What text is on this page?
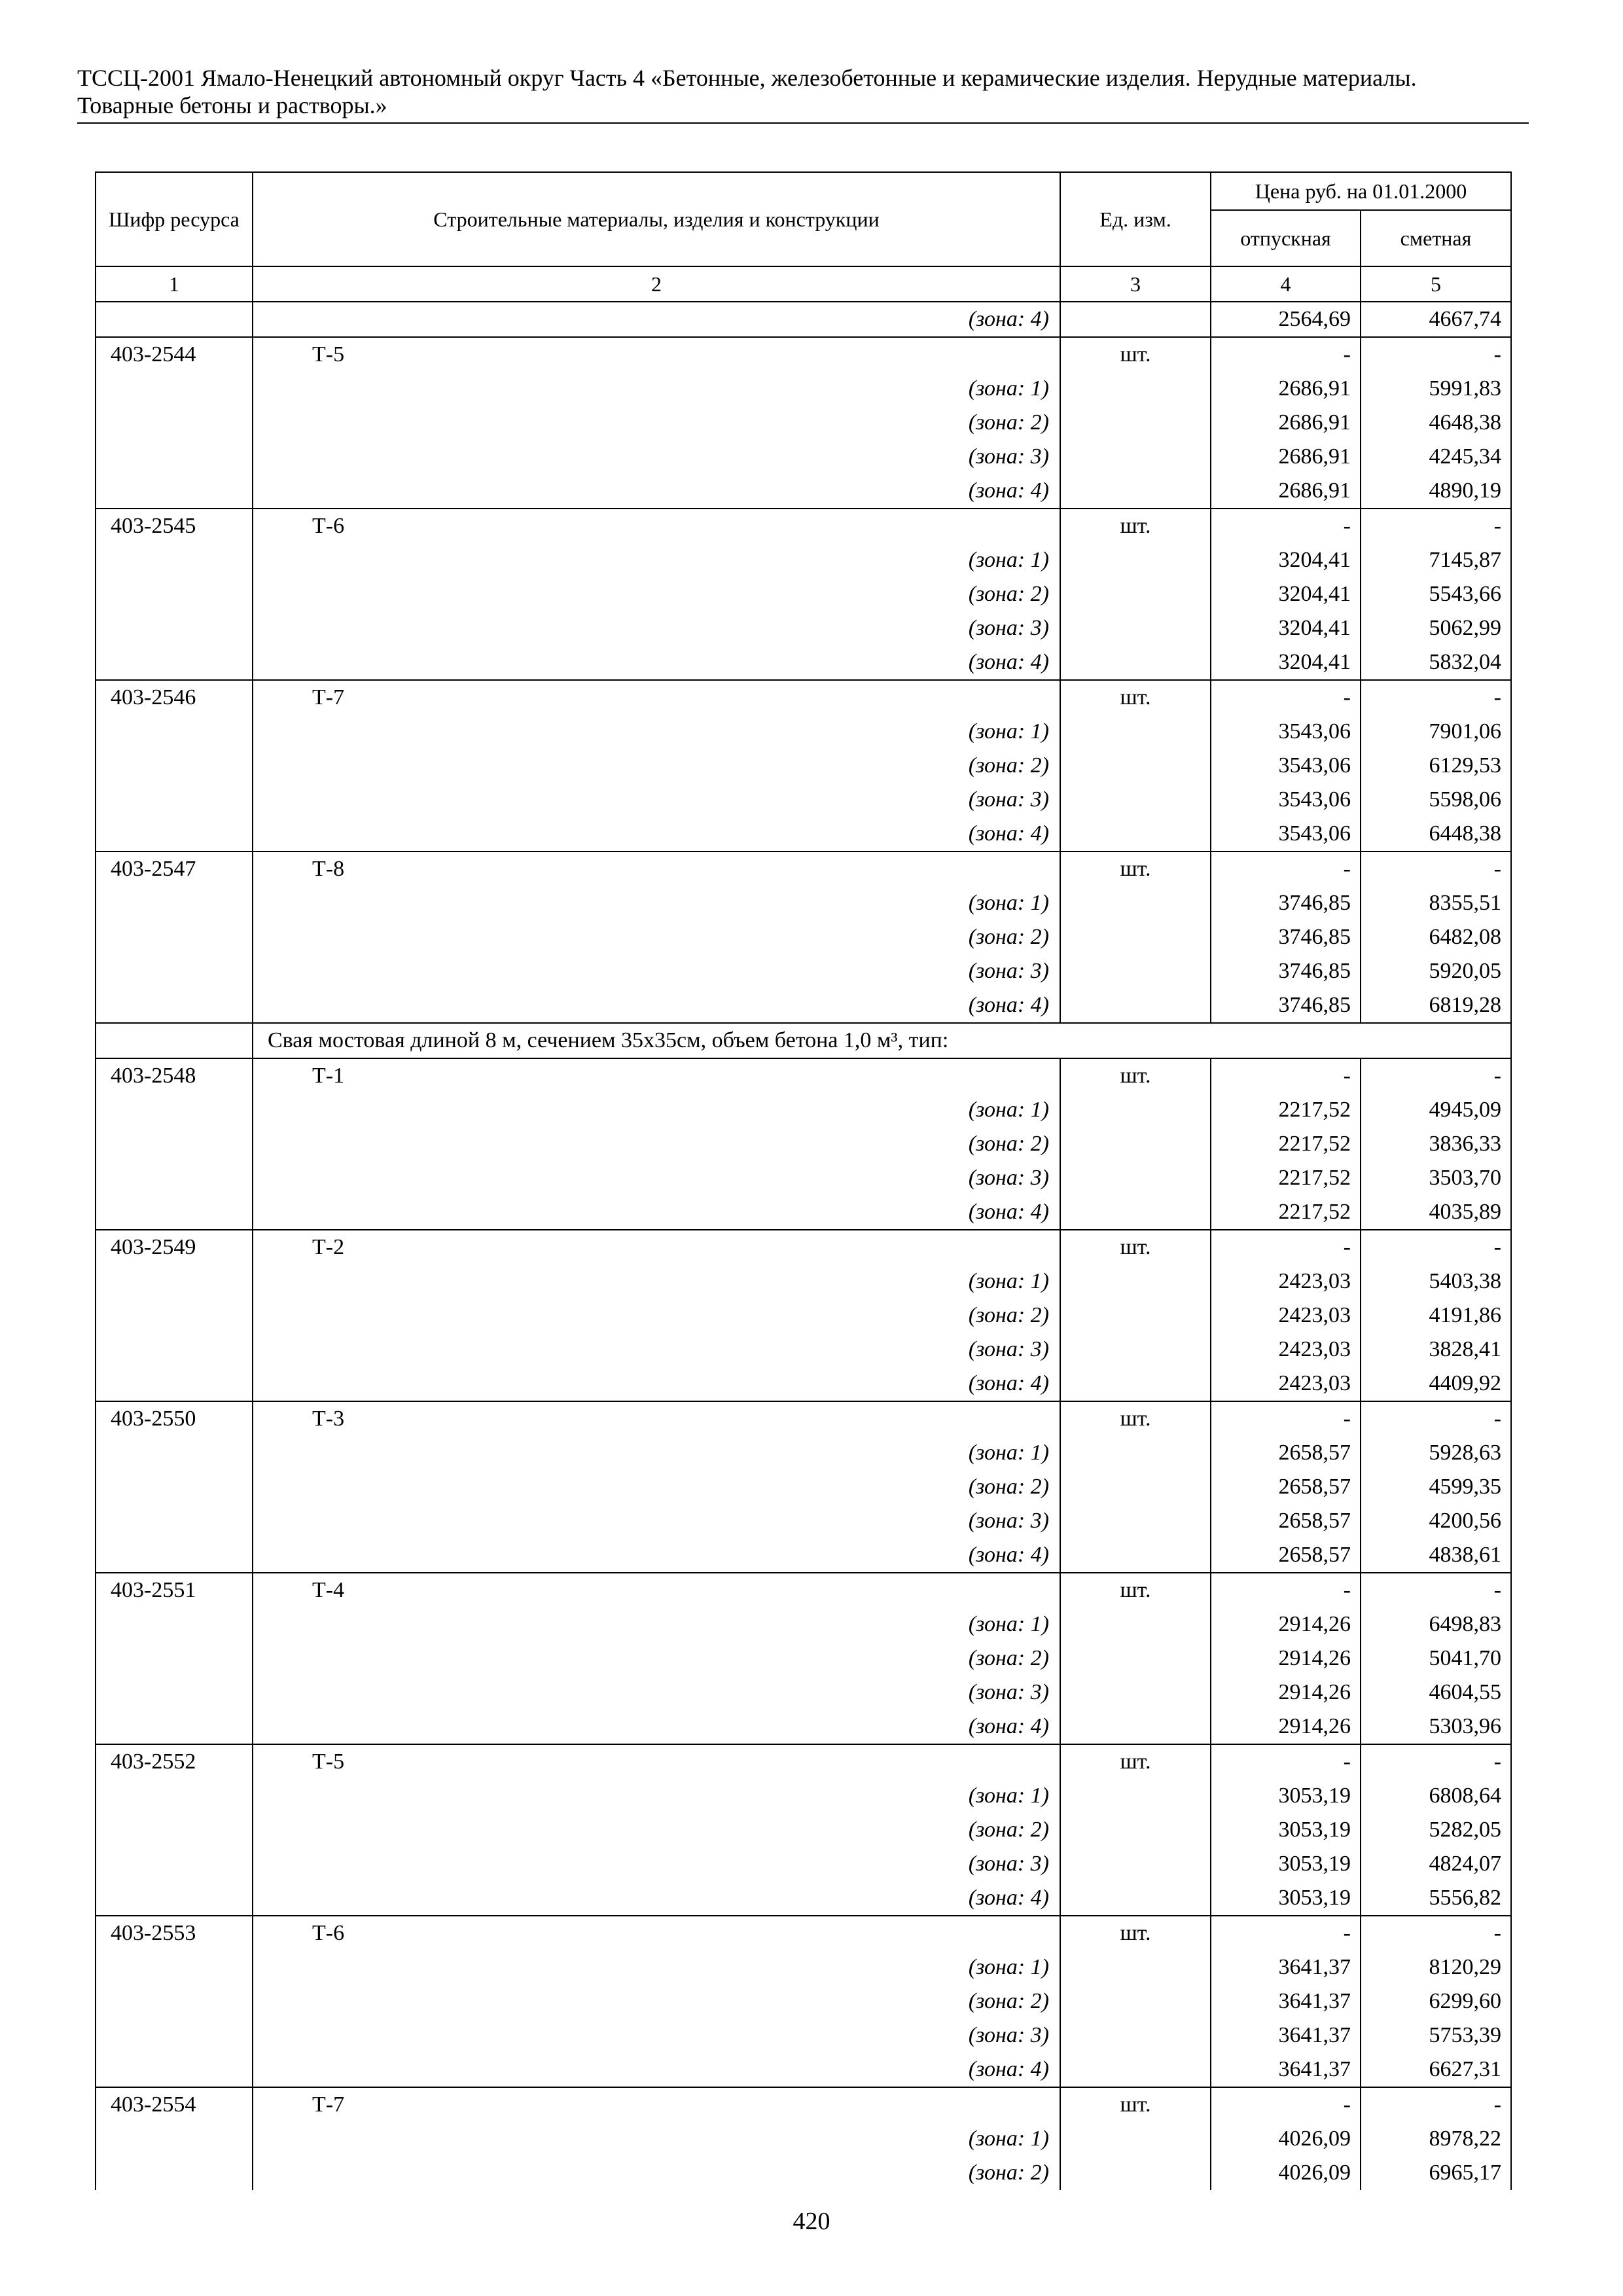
ТССЦ-2001 Ямало-Ненецкий автономный округ Часть 4 «Бетонные, железобетонные и керамические изделия. Нерудные материалы.
Товарные бетоны и растворы.»
Шифр ресурса	Строительные материалы, изделия и конструкции	Ед. изм.	Цена руб. на 01.01.2000	
			отпускная	сметная
1	2	3	4	5
	(зона: 4)		2564,69	4667,74
403-2544	Т-5	шт.	-	-
	(зона: 1)		2686,91	5991,83
	(зона: 2)		2686,91	4648,38
	(зона: 3)		2686,91	4245,34
	(зона: 4)		2686,91	4890,19
403-2545	Т-6	шт.	-	-
	(зона: 1)		3204,41	7145,87
	(зона: 2)		3204,41	5543,66
	(зона: 3)		3204,41	5062,99
	(зона: 4)		3204,41	5832,04
403-2546	Т-7	шт.	-	-
	(зона: 1)		3543,06	7901,06
	(зона: 2)		3543,06	6129,53
	(зона: 3)		3543,06	5598,06
	(зона: 4)		3543,06	6448,38
403-2547	Т-8	шт.	-	-
	(зона: 1)		3746,85	8355,51
	(зона: 2)		3746,85	6482,08
	(зона: 3)		3746,85	5920,05
	(зона: 4)		3746,85	6819,28
	Свая мостовая длиной 8 м, сечением 35х35см, объем бетона 1,0 м³, тип:			
403-2548	Т-1	шт.	-	-
	(зона: 1)		2217,52	4945,09
	(зона: 2)		2217,52	3836,33
	(зона: 3)		2217,52	3503,70
	(зона: 4)		2217,52	4035,89
403-2549	Т-2	шт.	-	-
	(зона: 1)		2423,03	5403,38
	(зона: 2)		2423,03	4191,86
	(зона: 3)		2423,03	3828,41
	(зона: 4)		2423,03	4409,92
403-2550	Т-3	шт.	-	-
	(зона: 1)		2658,57	5928,63
	(зона: 2)		2658,57	4599,35
	(зона: 3)		2658,57	4200,56
	(зона: 4)		2658,57	4838,61
403-2551	Т-4	шт.	-	-
	(зона: 1)		2914,26	6498,83
	(зона: 2)		2914,26	5041,70
	(зона: 3)		2914,26	4604,55
	(зона: 4)		2914,26	5303,96
403-2552	Т-5	шт.	-	-
	(зона: 1)		3053,19	6808,64
	(зона: 2)		3053,19	5282,05
	(зона: 3)		3053,19	4824,07
	(зона: 4)		3053,19	5556,82
403-2553	Т-6	шт.	-	-
	(зона: 1)		3641,37	8120,29
	(зона: 2)		3641,37	6299,60
	(зона: 3)		3641,37	5753,39
	(зона: 4)		3641,37	6627,31
403-2554	Т-7	шт.	-	-
	(зона: 1)		4026,09	8978,22
	(зона: 2)		4026,09	6965,17
420
